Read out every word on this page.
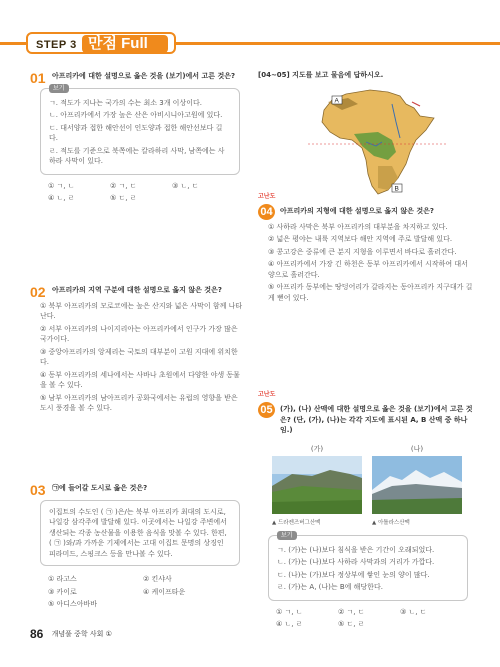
STEP 3 만점 Full
01 아프리카에 대한 설명으로 옳은 것을 (보기)에서 고른 것은?
보기

ㄱ. 적도가 지나는 국가의 수는 최소 3개 이상이다.

ㄴ. 아프리카에서 가장 높은 산은 아비시니아고원에 있다.

ㄷ. 대서양과 접한 해안선이 인도양과 접한 해안선보다 길다.

ㄹ. 적도를 기준으로 북쪽에는 칼라하리 사막, 남쪽에는 사하라 사막이 있다.

① ㄱ, ㄴ	② ㄱ, ㄷ	③ ㄴ, ㄷ
④ ㄴ, ㄹ	⑤ ㄷ, ㄹ
02 아프리카의 지역 구분에 대한 설명으로 옳지 않은 것은?

① 북부 아프리카의 모로코에는 높은 산지와 넓은 사막이 함께 나타난다.

② 서부 아프리카의 나이지리아는 아프리카에서 인구가 가장 많은 국가이다.

③ 중앙아프리카의 앙제리는 국토의 대부분이 고원 지대에 위치한다.

④ 동부 아프리카의 세나에서는 사바나 초원에서 다양한 야생 동물을 볼 수 있다.

⑤ 남부 아프리카의 남아프리카 공화국에서는 유럽의 영향을 받은 도시 풍경을 볼 수 있다.

03 ㉠에 들어갈 도시로 옳은 것은?
이집트의 수도인 ( ㉠ )은/는 북부 아프리카 최대의 도시로, 나일강 삼각주에 발달해 있다. 이곳에서는 나일강 주변에서 생산되는 각종 농산물을 이용한 음식을 맛볼 수 있다. 한편, ( ㉠ )와/과 가까운 기제에서는 고대 이집트 문명의 상징인 피라미드, 스핑크스 등을 만나볼 수 있다.
① 라고스	② 킨샤사
③ 카이로	④ 케이프타운
⑤ 아디스아바바
[04~05] 지도를 보고 물음에 답하시오.
A
B
고난도
04	아프리카의 지형에 대한 설명으로 옳지 않은 것은?

① 사하라 사막은 북부 아프리카의 대부분을 차지하고 있다.

② 넓은 평야는 내륙 지역보다 해안 지역에 주로 발달해 있다.

③ 콩고강은 중류에 큰 분지 지형을 이루면서 바다로 흘러간다.

④ 아프리카에서 가장 긴 하천은 동부 아프리카에서 시작하여 대서양으로 흘러간다.

⑤ 아프리카 동부에는 땅덩어리가 갈라지는 동아프리카 지구대가 길게 뻗어 있다.

고난도
05	(가), (나) 산맥에 대한 설명으로 옳은 것을 (보기)에서 고른 것은? (단, (가), (나)는 각각 지도에 표시된 A, B 산맥 중 하나임.)
(가)
▲ 드라켄즈버그산맥
(나)
▲ 아틀라스산맥
보기

ㄱ. (가)는 (나)보다 침식을 받은 기간이 오래되었다.

ㄴ. (가)는 (나)보다 사하라 사막과의 거리가 가깝다.

ㄷ. (나)는 (가)보다 정상부에 쌓인 눈의 양이 많다.

ㄹ. (가)는 A, (나)는 B에 해당한다.

① ㄱ, ㄴ	② ㄱ, ㄷ	③ ㄴ, ㄷ
④ ㄴ, ㄹ	⑤ ㄷ, ㄹ
86 개념풀 중학 사회 ①
